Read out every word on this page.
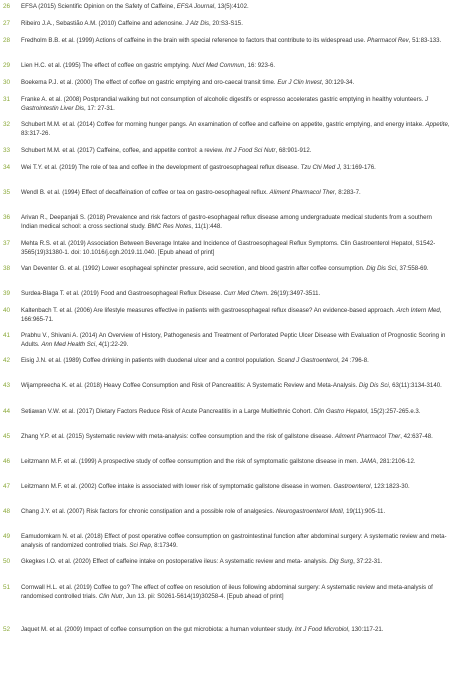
26	EFSA (2015) Scientific Opinion on the Safety of Caffeine, EFSA Journal, 13(5):4102.
27	Ribeiro J.A., Sebastião A.M. (2010) Caffeine and adenosine. J Alz Dis, 20:S3-S15.
28	Fredholm B.B. et al. (1999) Actions of caffeine in the brain with special reference to factors that contribute to its widespread use. Pharmacol Rev, 51:83-133.
29	Lien H.C. et al. (1995) The effect of coffee on gastric emptying. Nucl Med Commun, 16: 923-6.
30	Boekema P.J. et al. (2000) The effect of coffee on gastric emptying and oro-caecal transit time. Eur J Clin Invest, 30:129-34.
31	Franke A. et al. (2008) Postprandial walking but not consumption of alcoholic digestifs or espresso accelerates gastric emptying in healthy volunteers. J Gastrointestin Liver Dis, 17: 27-31.
32	Schubert M.M. et al. (2014) Coffee for morning hunger pangs. An examination of coffee and caffeine on appetite, gastric emptying, and energy intake. Appetite, 83:317-26.
33	Schubert M.M. et al. (2017) Caffeine, coffee, and appetite control: a review. Int J Food Sci Nutr, 68:901-912.
34	Wei T.Y. et al. (2019) The role of tea and coffee in the development of gastroesophageal reflux disease. Tzu Chi Med J, 31:169-176.
35	Wendl B. et al. (1994) Effect of decaffeination of coffee or tea on gastro-oesophageal reflux. Aliment Pharmacol Ther, 8:283-7.
36	Arivan R., Deepanjali S. (2018) Prevalence and risk factors of gastro-esophageal reflux disease among undergraduate medical students from a southern Indian medical school: a cross sectional study. BMC Res Notes, 11(1):448.
37	Mehta R.S. et al. (2019) Association Between Beverage Intake and Incidence of Gastroesophageal Reflux Symptoms. Clin Gastroenterol Hepatol, S1542-3565(19)31380-1. doi: 10.1016/j.cgh.2019.11.040. [Epub ahead of print]
38	Van Deventer G. et al. (1992) Lower esophageal sphincter pressure, acid secretion, and blood gastrin after coffee consumption. Dig Dis Sci, 37:558-69.
39	Surdea-Blaga T. et al. (2019) Food and Gastroesophageal Reflux Disease. Curr Med Chem. 26(19):3497-3511.
40	Kaltenbach T. et al. (2006) Are lifestyle measures effective in patients with gastroesophageal reflux disease? An evidence-based approach. Arch Intern Med, 166:965-71.
41	Prabhu V., Shivani A. (2014) An Overview of History, Pathogenesis and Treatment of Perforated Peptic Ulcer Disease with Evaluation of Prognostic Scoring in Adults. Ann Med Health Sci, 4(1):22-29.
42	Eisig J.N. et al. (1989) Coffee drinking in patients with duodenal ulcer and a control population. Scand J Gastroenterol, 24 :796-8.
43	Wijarnpreecha K. et al. (2018) Heavy Coffee Consumption and Risk of Pancreatitis: A Systematic Review and Meta-Analysis. Dig Dis Sci, 63(11):3134-3140.
44	Setiawan V.W. et al. (2017) Dietary Factors Reduce Risk of Acute Pancreatitis in a Large Multiethnic Cohort. Clin Gastro Hepatol, 15(2):257-265.e.3.
45	Zhang Y.P. et al. (2015) Systematic review with meta-analysis: coffee consumption and the risk of gallstone disease. Aliment Pharmacol Ther, 42:637-48.
46	Leitzmann M.F. et al. (1999) A prospective study of coffee consumption and the risk of symptomatic gallstone disease in men. JAMA, 281:2106-12.
47	Leitzmann M.F. et al. (2002) Coffee intake is associated with lower risk of symptomatic gallstone disease in women. Gastroenterol, 123:1823-30.
48	Chang J.Y. et al. (2007) Risk factors for chronic constipation and a possible role of analgesics. Neurogastroenterol Motil, 19(11):905-11.
49	Eamudomkarn N. et al. (2018) Effect of post operative coffee consumption on gastrointestinal function after abdominal surgery: A systematic review and meta-analysis of randomized controlled trials. Sci Rep, 8:17349.
50	Gkegkes I.O. et al. (2020) Effect of caffeine intake on postoperative ileus: A systematic review and meta- analysis. Dig Surg, 37:22-31.
51	Cornwall H.L. et al. (2019) Coffee to go? The effect of coffee on resolution of ileus following abdominal surgery: A systematic review and meta-analysis of randomised controlled trials. Clin Nutr, Jun 13. pii: S0261-5614(19)30258-4. [Epub ahead of print]
52	Jaquet M. et al. (2009) Impact of coffee consumption on the gut microbiota: a human volunteer study. Int J Food Microbiol, 130:117-21.
